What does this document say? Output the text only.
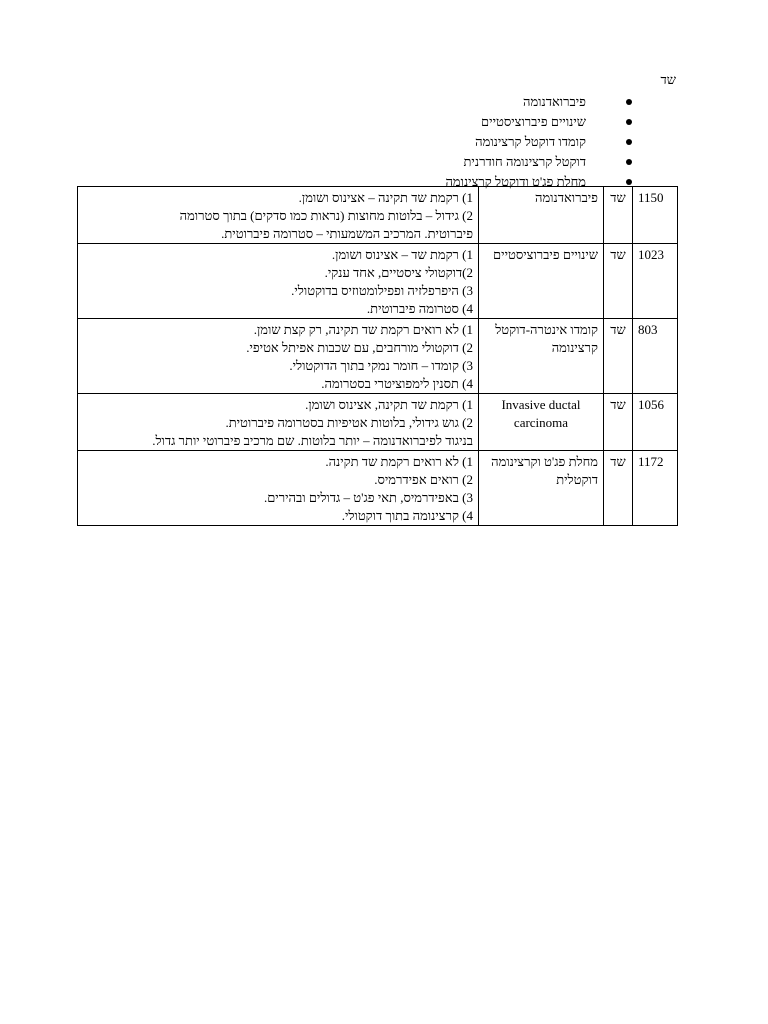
שד
פיברואדנומה
שינויים פיברוציסטיים
קומדו דוקטל קרצינומה
דוקטל קרצינומה חודרנית
מחלת פג'ט ודוקטל קרצינומה
1150	שד	פיברואדנומה	1) רקמת שד תקינה – אצינוס ושומן.
2) גידול – בלוטות מחוצות (נראות כמו סדקים) בתוך סטרומה
פיברוטית. המרכיב המשמעותי – סטרומה פיברוטית.

1023	שד	שינויים פיברוציסטיים	1) רקמת שד – אצינוס ושומן.
2)דוקטולי ציסטיים, אחד ענקי.
3) היפרפלזיה ופפילומטוזיס בדוקטולי.
4) סטרומה פיברוטית.

803	שד	קומדו אינטרה-דוקטל קרצינומה	1) לא רואים רקמת שד תקינה, רק קצת שומן.
2) דוקטולי מורחבים, עם שכבות אפיתל אטיפי.
3) קומדו – חומר נמקי בתוך הדוקטולי.
4) תסנין לימפוציטרי בסטרומה.

1056	שד	Invasive ductal carcinoma	1) רקמת שד תקינה, אצינוס ושומן.
2) גוש גידולי, בלוטות אטיפיות בסטרומה פיברוטית.
בניגוד לפיברואדנומה – יותר בלוטות. שם מרכיב פיברוטי יותר גדול.

1172	שד	מחלת פג'ט וקרצינומה דוקטלית	1) לא רואים רקמת שד תקינה.
2) רואים אפידרמיס.
3) באפידרמיס, תאי פג'ט – גדולים ובהירים.
4) קרצינומה בתוך דוקטולי.
